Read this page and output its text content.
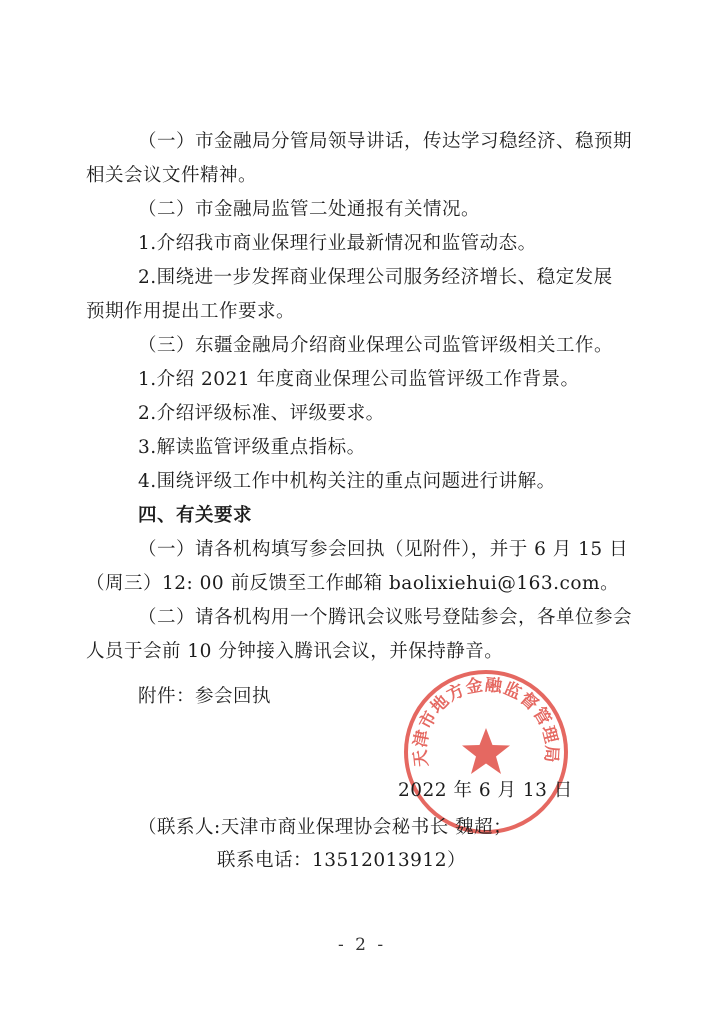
（一）市金融局分管局领导讲话，传达学习稳经济、稳预期

相关会议文件精神。

（二）市金融局监管二处通报有关情况。

1.介绍我市商业保理行业最新情况和监管动态。

2.围绕进一步发挥商业保理公司服务经济增长、稳定发展

预期作用提出工作要求。

（三）东疆金融局介绍商业保理公司监管评级相关工作。

1.介绍 2021 年度商业保理公司监管评级工作背景。

2.介绍评级标准、评级要求。

3.解读监管评级重点指标。

4.围绕评级工作中机构关注的重点问题进行讲解。

四、有关要求

（一）请各机构填写参会回执（见附件），并于 6 月 15 日

（周三）12: 00 前反馈至工作邮箱 baolixiehui@163.com。

（二）请各机构用一个腾讯会议账号登陆参会，各单位参会

人员于会前 10 分钟接入腾讯会议，并保持静音。

附件：参会回执

天津市地方金融监督管理局

2022 年 6 月 13 日

（联系人:天津市商业保理协会秘书长 魏超；

联系电话：13512013912）

- 2 -
